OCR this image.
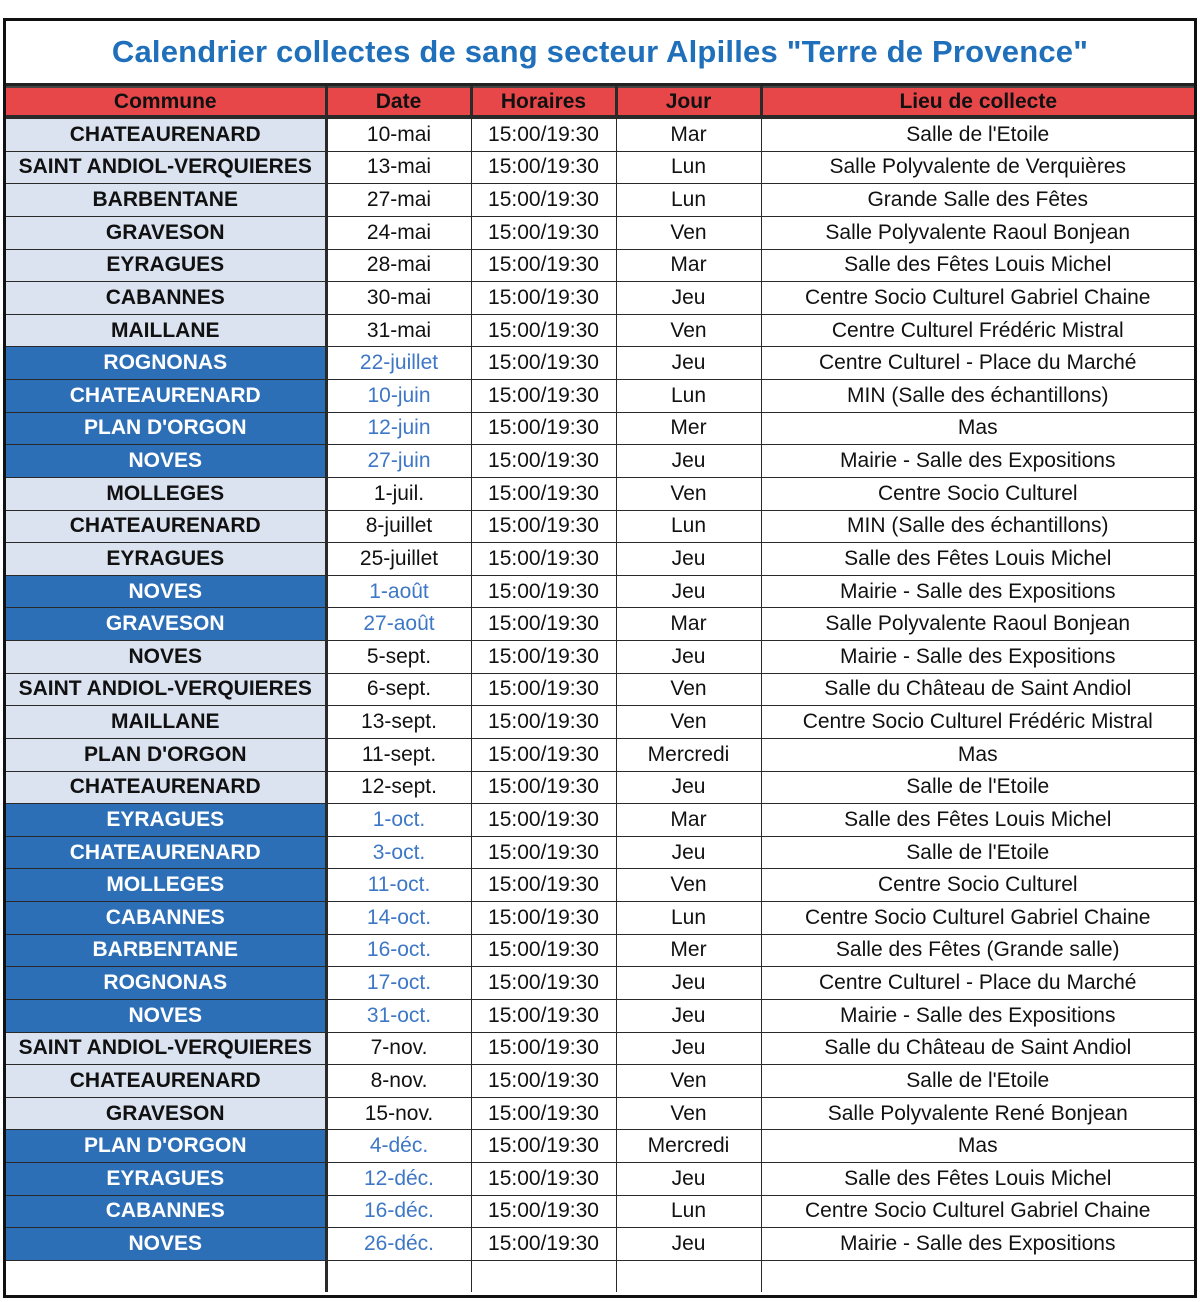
Calendrier collectes de sang secteur Alpilles "Terre de Provence"
Commune	Date	Horaires	Jour	Lieu de collecte
CHATEAURENARD	10-mai	15:00/19:30	Mar	Salle de l'Etoile
SAINT ANDIOL-VERQUIERES	13-mai	15:00/19:30	Lun	Salle Polyvalente de Verquières
BARBENTANE	27-mai	15:00/19:30	Lun	Grande Salle des Fêtes
GRAVESON	24-mai	15:00/19:30	Ven	Salle Polyvalente Raoul Bonjean
EYRAGUES	28-mai	15:00/19:30	Mar	Salle des Fêtes Louis Michel
CABANNES	30-mai	15:00/19:30	Jeu	Centre Socio Culturel Gabriel Chaine
MAILLANE	31-mai	15:00/19:30	Ven	Centre Culturel Frédéric Mistral
ROGNONAS	22-juillet	15:00/19:30	Jeu	Centre Culturel - Place du Marché
CHATEAURENARD	10-juin	15:00/19:30	Lun	MIN (Salle des échantillons)
PLAN D'ORGON	12-juin	15:00/19:30	Mer	Mas
NOVES	27-juin	15:00/19:30	Jeu	Mairie - Salle des Expositions
MOLLEGES	1-juil.	15:00/19:30	Ven	Centre Socio Culturel
CHATEAURENARD	8-juillet	15:00/19:30	Lun	MIN (Salle des échantillons)
EYRAGUES	25-juillet	15:00/19:30	Jeu	Salle des Fêtes Louis Michel
NOVES	1-août	15:00/19:30	Jeu	Mairie - Salle des Expositions
GRAVESON	27-août	15:00/19:30	Mar	Salle Polyvalente Raoul Bonjean
NOVES	5-sept.	15:00/19:30	Jeu	Mairie - Salle des Expositions
SAINT ANDIOL-VERQUIERES	6-sept.	15:00/19:30	Ven	Salle du Château de Saint Andiol
MAILLANE	13-sept.	15:00/19:30	Ven	Centre Socio Culturel Frédéric Mistral
PLAN D'ORGON	11-sept.	15:00/19:30	Mercredi	Mas
CHATEAURENARD	12-sept.	15:00/19:30	Jeu	Salle de l'Etoile
EYRAGUES	1-oct.	15:00/19:30	Mar	Salle des Fêtes Louis Michel
CHATEAURENARD	3-oct.	15:00/19:30	Jeu	Salle de l'Etoile
MOLLEGES	11-oct.	15:00/19:30	Ven	Centre Socio Culturel
CABANNES	14-oct.	15:00/19:30	Lun	Centre Socio Culturel Gabriel Chaine
BARBENTANE	16-oct.	15:00/19:30	Mer	Salle des Fêtes (Grande salle)
ROGNONAS	17-oct.	15:00/19:30	Jeu	Centre Culturel - Place du Marché
NOVES	31-oct.	15:00/19:30	Jeu	Mairie - Salle des Expositions
SAINT ANDIOL-VERQUIERES	7-nov.	15:00/19:30	Jeu	Salle du Château de Saint Andiol
CHATEAURENARD	8-nov.	15:00/19:30	Ven	Salle de l'Etoile
GRAVESON	15-nov.	15:00/19:30	Ven	Salle Polyvalente René Bonjean
PLAN D'ORGON	4-déc.	15:00/19:30	Mercredi	Mas
EYRAGUES	12-déc.	15:00/19:30	Jeu	Salle des Fêtes Louis Michel
CABANNES	16-déc.	15:00/19:30	Lun	Centre Socio Culturel Gabriel Chaine
NOVES	26-déc.	15:00/19:30	Jeu	Mairie - Salle des Expositions
